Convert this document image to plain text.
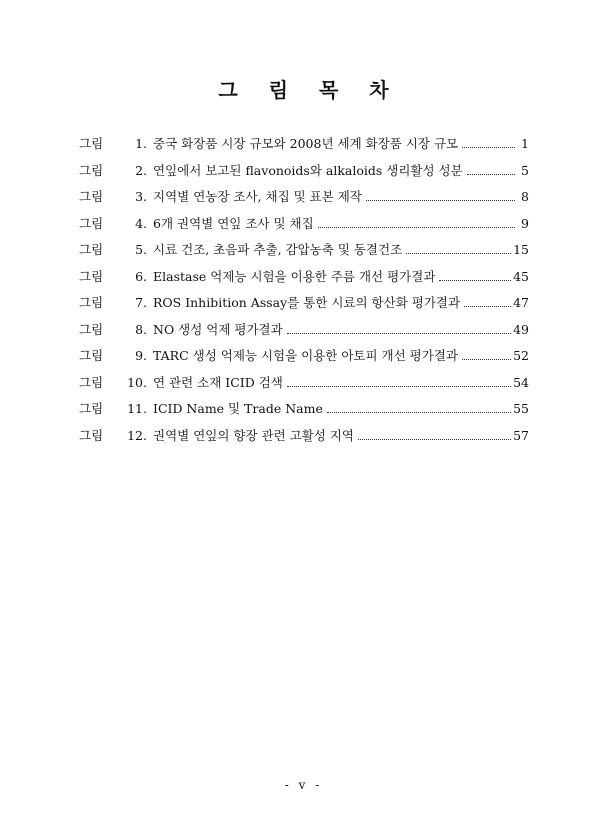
그 림 목 차
그림	1. 중국 화장품 시장 규모와 2008년 세계 화장품 시장 규모	1
그림	2. 연잎에서 보고된 flavonoids와 alkaloids 생리활성 성분	5
그림	3. 지역별 연농장 조사, 채집 및 표본 제작	8
그림	4. 6개 권역별 연잎 조사 및 채집	9
그림	5. 시료 건조, 초음파 추출, 감압농축 및 동결건조	15
그림	6. Elastase 억제능 시험을 이용한 주름 개선 평가결과	45
그림	7. ROS Inhibition Assay를 통한 시료의 항산화 평가결과	47
그림	8. NO 생성 억제 평가결과	49
그림	9. TARC 생성 억제능 시험을 이용한 아토피 개선 평가결과	52
그림	10. 연 관련 소재 ICID 검색	54
그림	11. ICID Name 및 Trade Name	55
그림	12. 권역별 연잎의 향장 관련 고활성 지역	57
- v -
